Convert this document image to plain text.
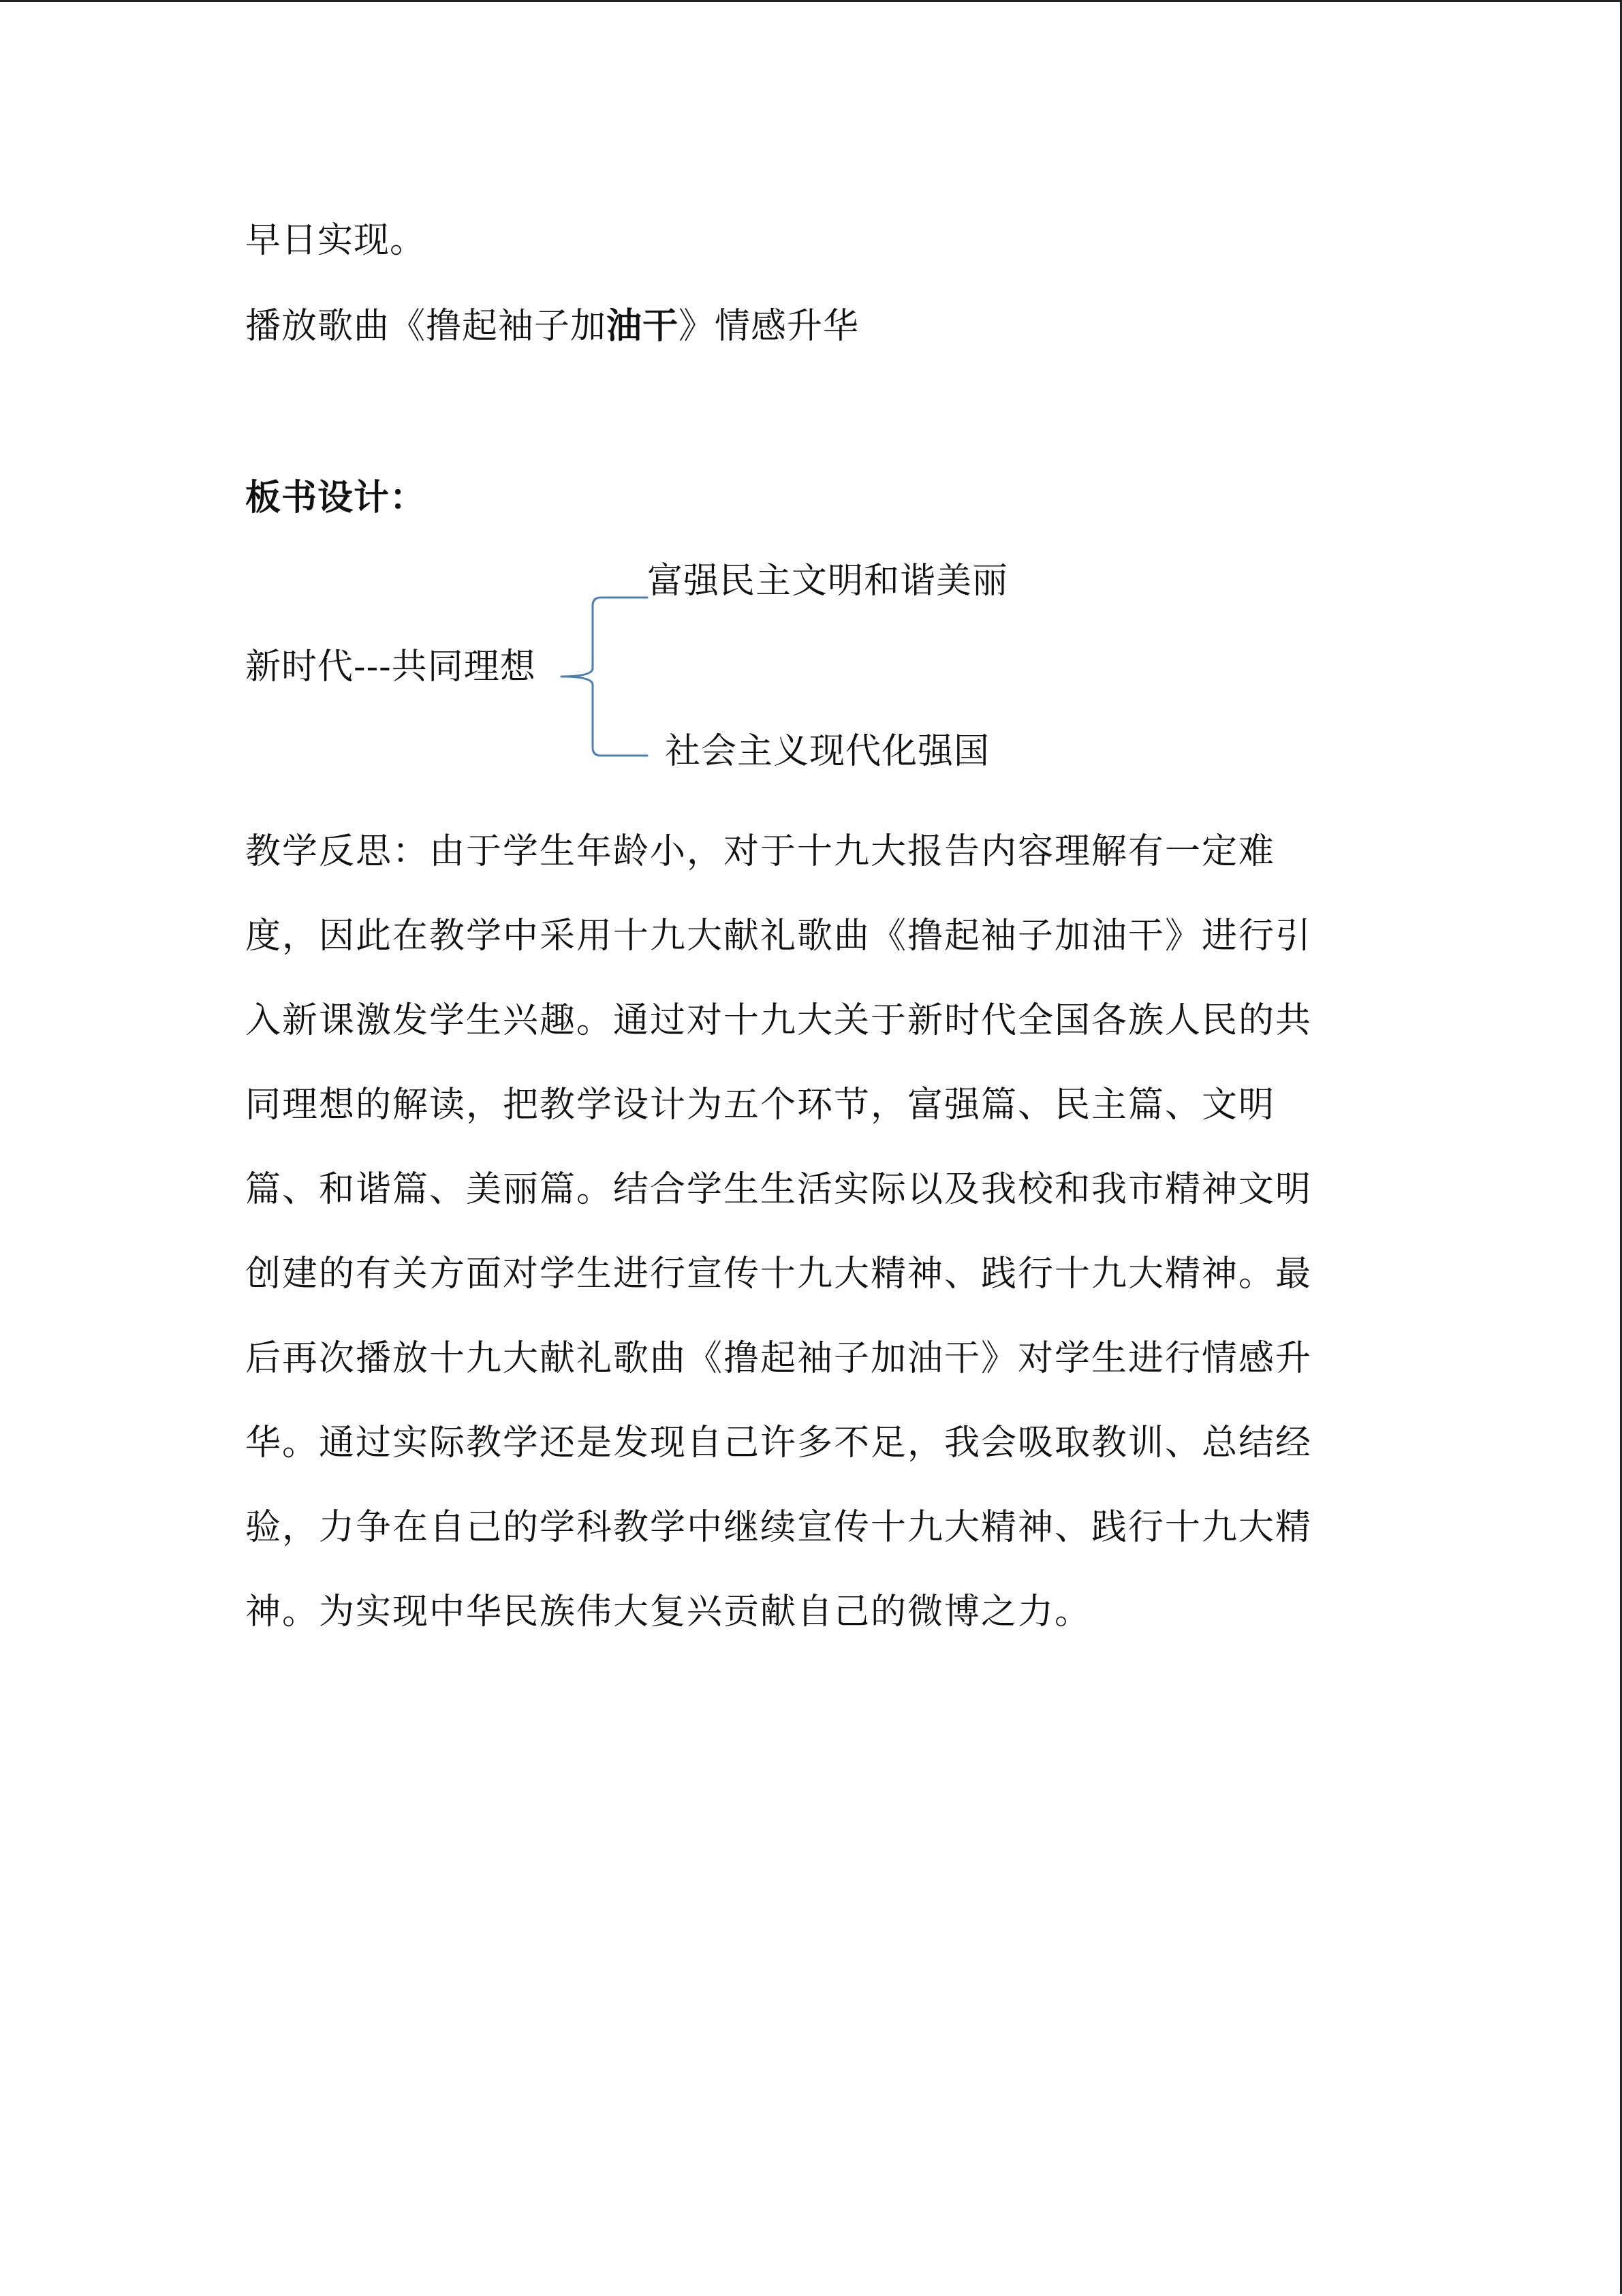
早日实现。
播放歌曲《撸起袖子加油干》情感升华
板书设计：
富强民主文明和谐美丽
新时代---共同理想
社会主义现代化强国
教学反思：由于学生年龄小，对于十九大报告内容理解有一定难
度，因此在教学中采用十九大献礼歌曲《撸起袖子加油干》进行引
入新课激发学生兴趣。通过对十九大关于新时代全国各族人民的共
同理想的解读，把教学设计为五个环节，富强篇、民主篇、文明
篇、和谐篇、美丽篇。结合学生生活实际以及我校和我市精神文明
创建的有关方面对学生进行宣传十九大精神、践行十九大精神。最
后再次播放十九大献礼歌曲《撸起袖子加油干》对学生进行情感升
华。通过实际教学还是发现自己许多不足，我会吸取教训、总结经
验，力争在自己的学科教学中继续宣传十九大精神、践行十九大精
神。为实现中华民族伟大复兴贡献自己的微博之力。
